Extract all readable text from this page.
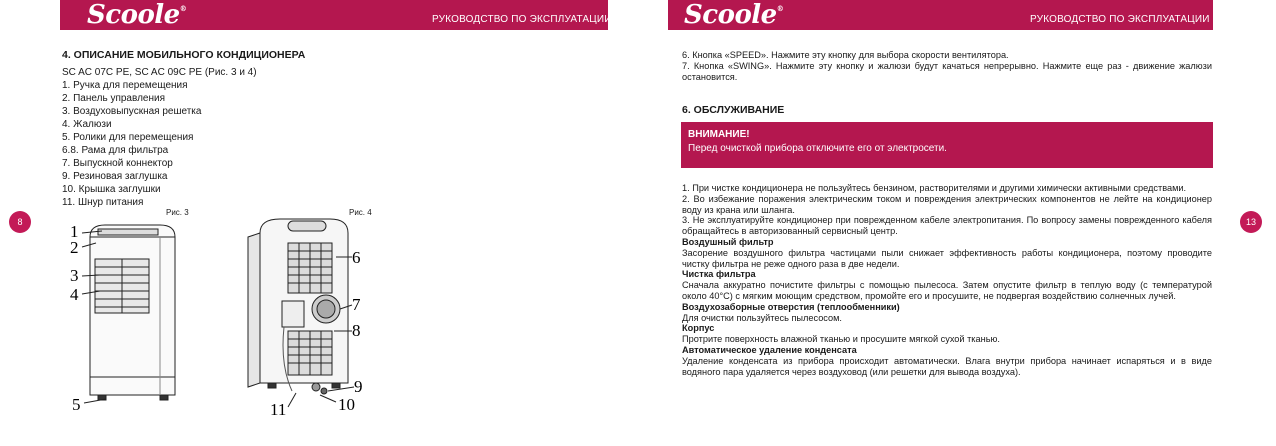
Scoole®
РУКОВОДСТВО ПО ЭКСПЛУАТАЦИИ
8
4. ОПИСАНИЕ МОБИЛЬНОГО КОНДИЦИОНЕРА
SC AC 07C PE, SC AC 09C PE (Рис. 3 и 4)
1. Ручка для перемещения
2. Панель управления
3. Воздуховыпускная решетка
4. Жалюзи
5. Ролики для перемещения
6.8. Рама для фильтра
7. Выпускной коннектор
9. Резиновая заглушка
10. Крышка заглушки
11. Шнур питания
Рис. 3	Рис. 4
1
2
3
4
5
6
7
8
9
10
11
Scoole®
РУКОВОДСТВО ПО ЭКСПЛУАТАЦИИ
13

6. Кнопка «SPEED». Нажмите эту кнопку для выбора скорости вентилятора.

7. Кнопка «SWING». Нажмите эту кнопку и жалюзи будут качаться непрерывно. Нажмите еще раз - движение жалюзи остановится.

6. ОБСЛУЖИВАНИЕ
ВНИМАНИЕ!
Перед очисткой прибора отключите его от электросети.

1. При чистке кондиционера не пользуйтесь бензином, растворителями и другими химически активными средствами.

2. Во избежание поражения электрическим током и повреждения электрических компонентов не лейте на кондиционер воду из крана или шланга.

3. Не эксплуатируйте кондиционер при поврежденном кабеле электропитания. По вопросу замены поврежденного кабеля обращайтесь в авторизованный сервисный центр.

Воздушный фильтр

Засорение воздушного фильтра частицами пыли снижает эффективность работы кондиционера, поэтому проводите чистку фильтра не реже одного раза в две недели.

Чистка фильтра

Сначала аккуратно почистите фильтры с помощью пылесоса. Затем опустите фильтр в теплую воду (с температурой около 40°С) с мягким моющим средством, промойте его и просушите, не подвергая воздействию солнечных лучей.

Воздухозаборные отверстия (теплообменники)

Для очистки пользуйтесь пылесосом.

Корпус

Протрите поверхность влажной тканью и просушите мягкой сухой тканью.

Автоматическое удаление конденсата

Удаление конденсата из прибора происходит автоматически. Влага внутри прибора начинает испаряться и в виде водяного пара удаляется через воздуховод (или решетки для вывода воздуха).
